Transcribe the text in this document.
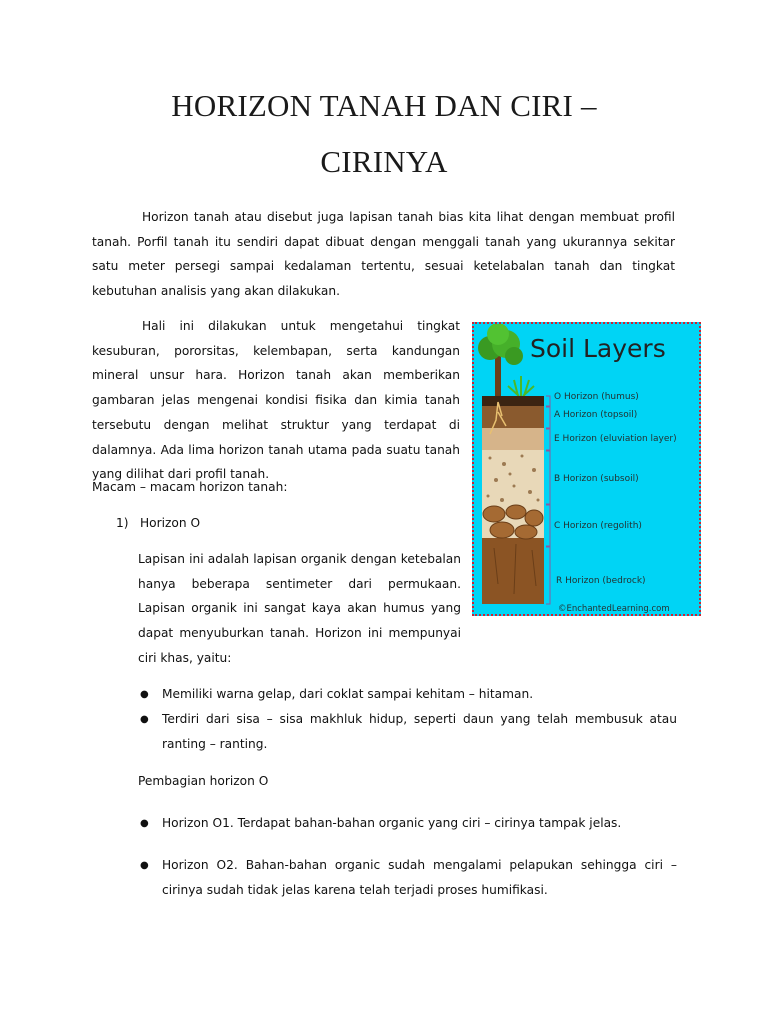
HORIZON TANAH DAN CIRI –
CIRINYA

Horizon tanah atau disebut juga lapisan tanah bias kita lihat dengan membuat profil tanah. Porfil tanah itu sendiri dapat dibuat dengan menggali tanah yang ukurannya sekitar satu meter persegi sampai kedalaman tertentu, sesuai ketelabalan tanah dan tingkat kebutuhan analisis yang akan dilakukan.

Hali ini dilakukan untuk mengetahui tingkat kesuburan, pororsitas, kelembapan, serta kandungan mineral unsur hara. Horizon tanah akan memberikan gambaran jelas mengenai kondisi fisika dan kimia tanah tersebutu dengan melihat struktur yang terdapat di dalamnya. Ada lima horizon tanah utama pada suatu tanah yang dilihat dari profil tanah.

Soil Layers
O Horizon (humus)
A Horizon (topsoil)
E Horizon (eluviation layer)
B Horizon (subsoil)
C Horizon (regolith)
R Horizon (bedrock)
©EnchantedLearning.com
Macam – macam horizon tanah:
1) Horizon O

Lapisan ini adalah lapisan organik dengan ketebalan hanya beberapa sentimeter dari permukaan. Lapisan organik ini sangat kaya akan humus yang dapat menyuburkan tanah. Horizon ini mempunyai ciri khas, yaitu:

● Memiliki warna gelap, dari coklat sampai kehitam – hitaman.

● Terdiri dari sisa – sisa makhluk hidup, seperti daun yang telah membusuk atau ranting – ranting.

Pembagian horizon O
● Horizon O1. Terdapat bahan-bahan organic yang ciri – cirinya tampak jelas.

● Horizon O2. Bahan-bahan organic sudah mengalami pelapukan sehingga ciri – cirinya sudah tidak jelas karena telah terjadi proses humifikasi.
